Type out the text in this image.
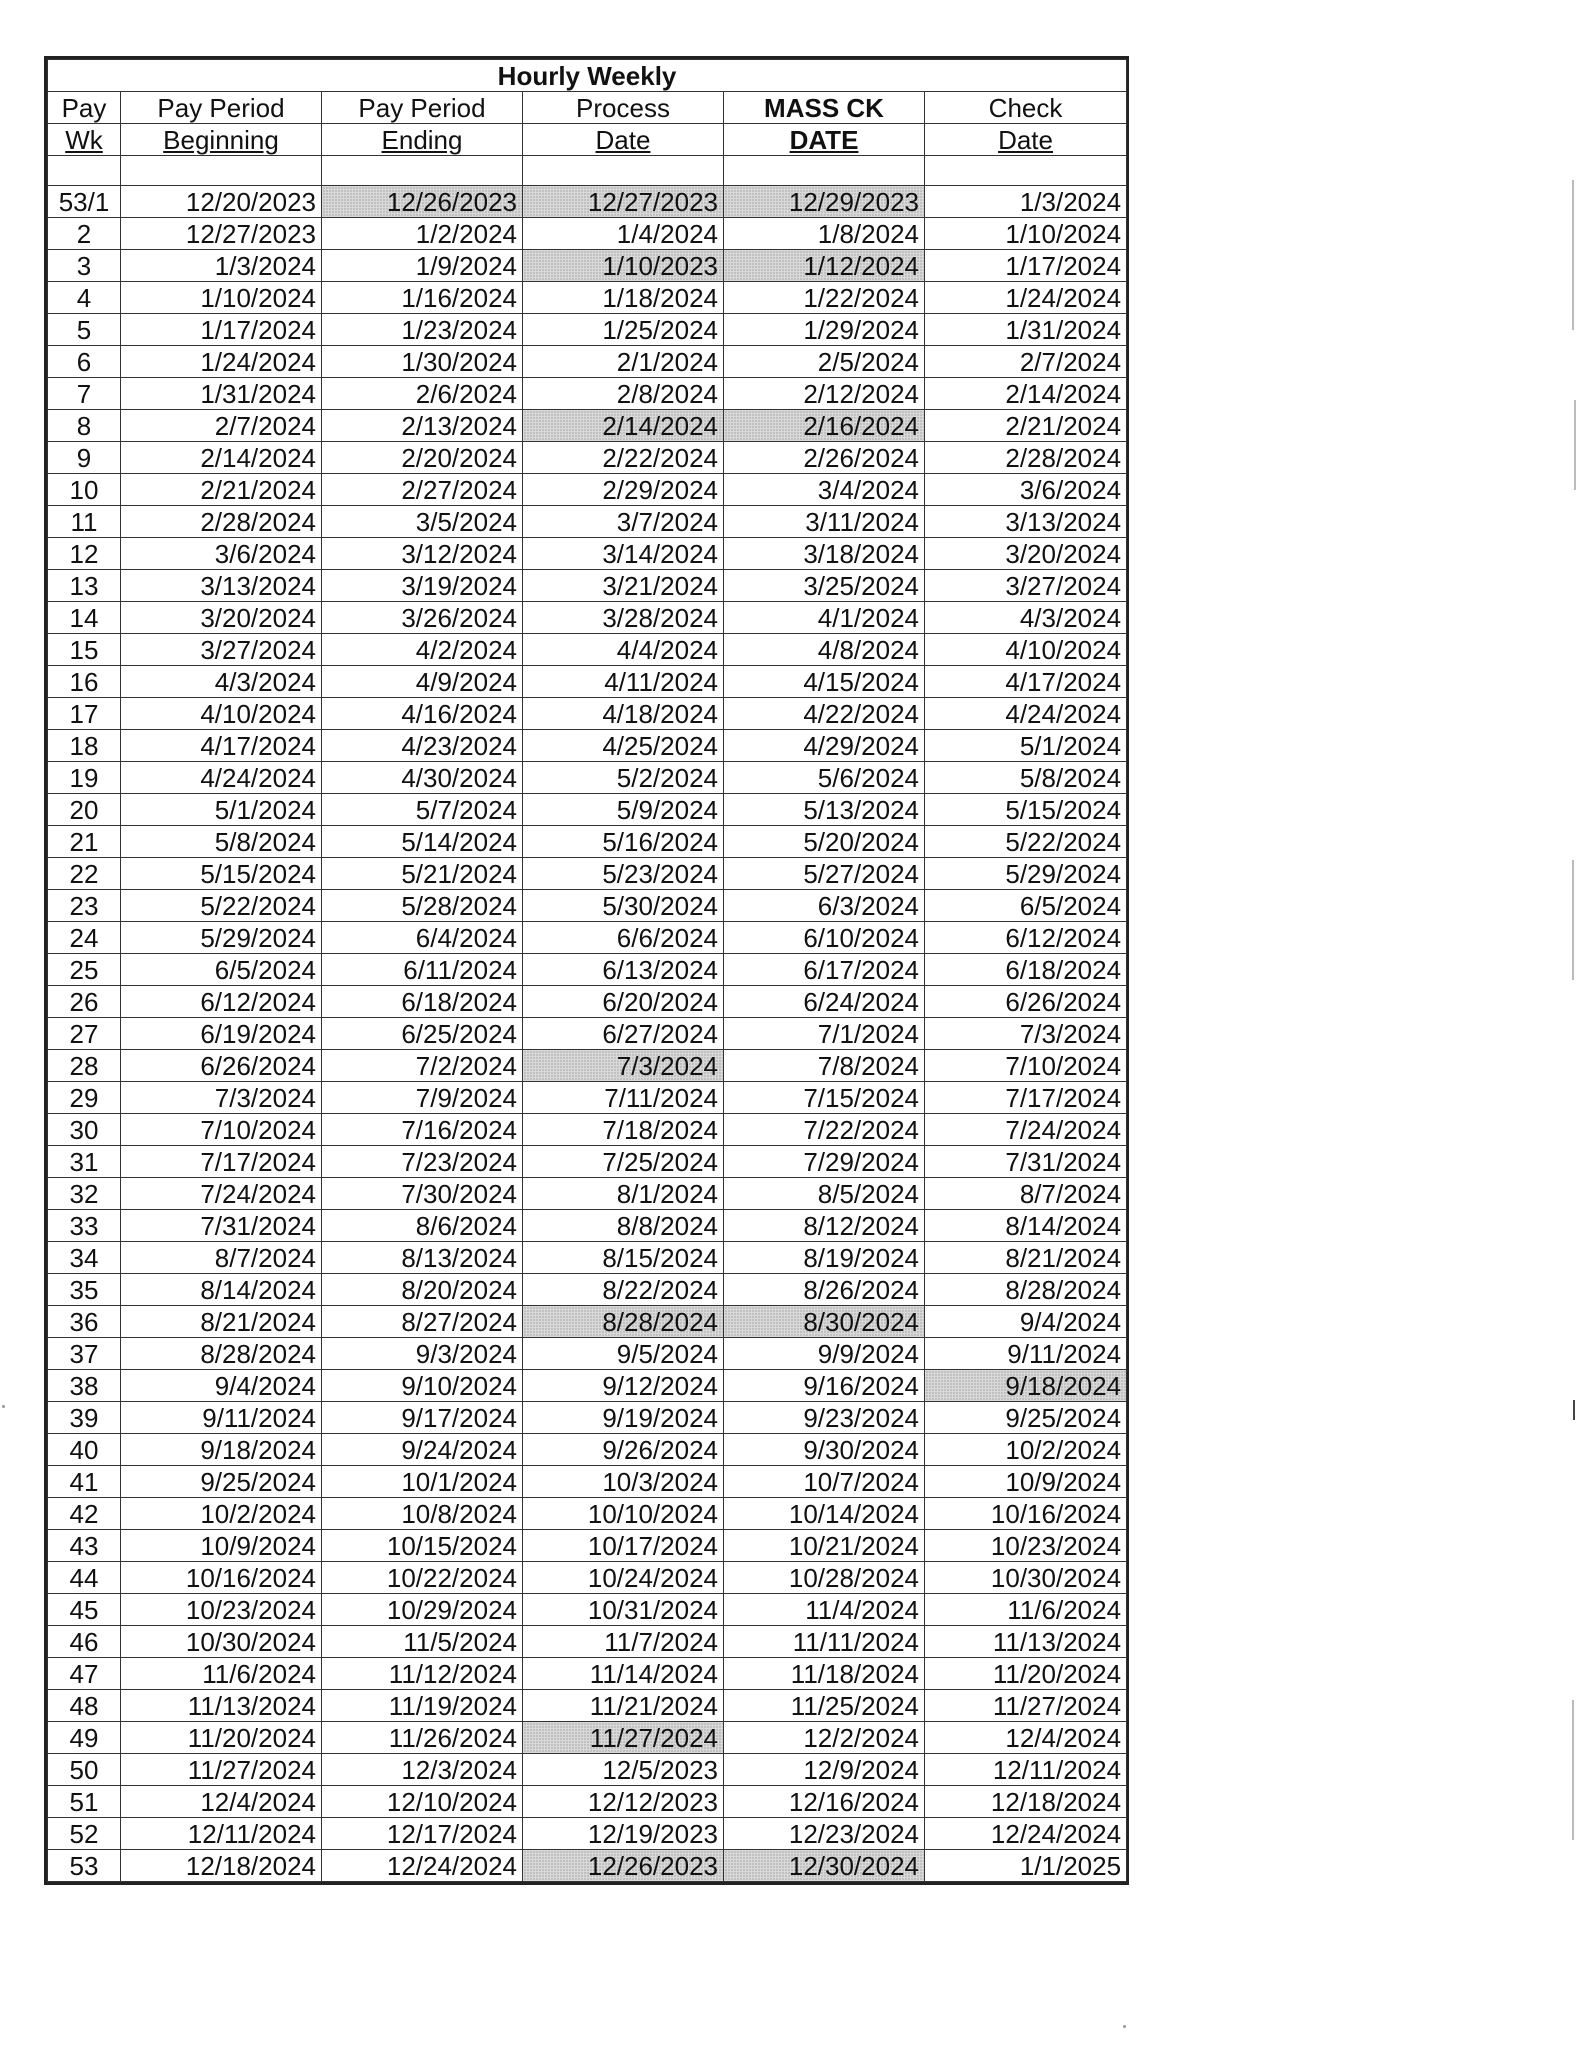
Hourly Weekly					
Pay	Pay Period	Pay Period	Process	MASS CK	Check
Wk	Beginning	Ending	Date	DATE	Date

53/1	12/20/2023	12/26/2023	12/27/2023	12/29/2023	1/3/2024
2	12/27/2023	1/2/2024	1/4/2024	1/8/2024	1/10/2024
3	1/3/2024	1/9/2024	1/10/2023	1/12/2024	1/17/2024
4	1/10/2024	1/16/2024	1/18/2024	1/22/2024	1/24/2024
5	1/17/2024	1/23/2024	1/25/2024	1/29/2024	1/31/2024
6	1/24/2024	1/30/2024	2/1/2024	2/5/2024	2/7/2024
7	1/31/2024	2/6/2024	2/8/2024	2/12/2024	2/14/2024
8	2/7/2024	2/13/2024	2/14/2024	2/16/2024	2/21/2024
9	2/14/2024	2/20/2024	2/22/2024	2/26/2024	2/28/2024
10	2/21/2024	2/27/2024	2/29/2024	3/4/2024	3/6/2024
11	2/28/2024	3/5/2024	3/7/2024	3/11/2024	3/13/2024
12	3/6/2024	3/12/2024	3/14/2024	3/18/2024	3/20/2024
13	3/13/2024	3/19/2024	3/21/2024	3/25/2024	3/27/2024
14	3/20/2024	3/26/2024	3/28/2024	4/1/2024	4/3/2024
15	3/27/2024	4/2/2024	4/4/2024	4/8/2024	4/10/2024
16	4/3/2024	4/9/2024	4/11/2024	4/15/2024	4/17/2024
17	4/10/2024	4/16/2024	4/18/2024	4/22/2024	4/24/2024
18	4/17/2024	4/23/2024	4/25/2024	4/29/2024	5/1/2024
19	4/24/2024	4/30/2024	5/2/2024	5/6/2024	5/8/2024
20	5/1/2024	5/7/2024	5/9/2024	5/13/2024	5/15/2024
21	5/8/2024	5/14/2024	5/16/2024	5/20/2024	5/22/2024
22	5/15/2024	5/21/2024	5/23/2024	5/27/2024	5/29/2024
23	5/22/2024	5/28/2024	5/30/2024	6/3/2024	6/5/2024
24	5/29/2024	6/4/2024	6/6/2024	6/10/2024	6/12/2024
25	6/5/2024	6/11/2024	6/13/2024	6/17/2024	6/18/2024
26	6/12/2024	6/18/2024	6/20/2024	6/24/2024	6/26/2024
27	6/19/2024	6/25/2024	6/27/2024	7/1/2024	7/3/2024
28	6/26/2024	7/2/2024	7/3/2024	7/8/2024	7/10/2024
29	7/3/2024	7/9/2024	7/11/2024	7/15/2024	7/17/2024
30	7/10/2024	7/16/2024	7/18/2024	7/22/2024	7/24/2024
31	7/17/2024	7/23/2024	7/25/2024	7/29/2024	7/31/2024
32	7/24/2024	7/30/2024	8/1/2024	8/5/2024	8/7/2024
33	7/31/2024	8/6/2024	8/8/2024	8/12/2024	8/14/2024
34	8/7/2024	8/13/2024	8/15/2024	8/19/2024	8/21/2024
35	8/14/2024	8/20/2024	8/22/2024	8/26/2024	8/28/2024
36	8/21/2024	8/27/2024	8/28/2024	8/30/2024	9/4/2024
37	8/28/2024	9/3/2024	9/5/2024	9/9/2024	9/11/2024
38	9/4/2024	9/10/2024	9/12/2024	9/16/2024	9/18/2024
39	9/11/2024	9/17/2024	9/19/2024	9/23/2024	9/25/2024
40	9/18/2024	9/24/2024	9/26/2024	9/30/2024	10/2/2024
41	9/25/2024	10/1/2024	10/3/2024	10/7/2024	10/9/2024
42	10/2/2024	10/8/2024	10/10/2024	10/14/2024	10/16/2024
43	10/9/2024	10/15/2024	10/17/2024	10/21/2024	10/23/2024
44	10/16/2024	10/22/2024	10/24/2024	10/28/2024	10/30/2024
45	10/23/2024	10/29/2024	10/31/2024	11/4/2024	11/6/2024
46	10/30/2024	11/5/2024	11/7/2024	11/11/2024	11/13/2024
47	11/6/2024	11/12/2024	11/14/2024	11/18/2024	11/20/2024
48	11/13/2024	11/19/2024	11/21/2024	11/25/2024	11/27/2024
49	11/20/2024	11/26/2024	11/27/2024	12/2/2024	12/4/2024
50	11/27/2024	12/3/2024	12/5/2023	12/9/2024	12/11/2024
51	12/4/2024	12/10/2024	12/12/2023	12/16/2024	12/18/2024
52	12/11/2024	12/17/2024	12/19/2023	12/23/2024	12/24/2024
53	12/18/2024	12/24/2024	12/26/2023	12/30/2024	1/1/2025
